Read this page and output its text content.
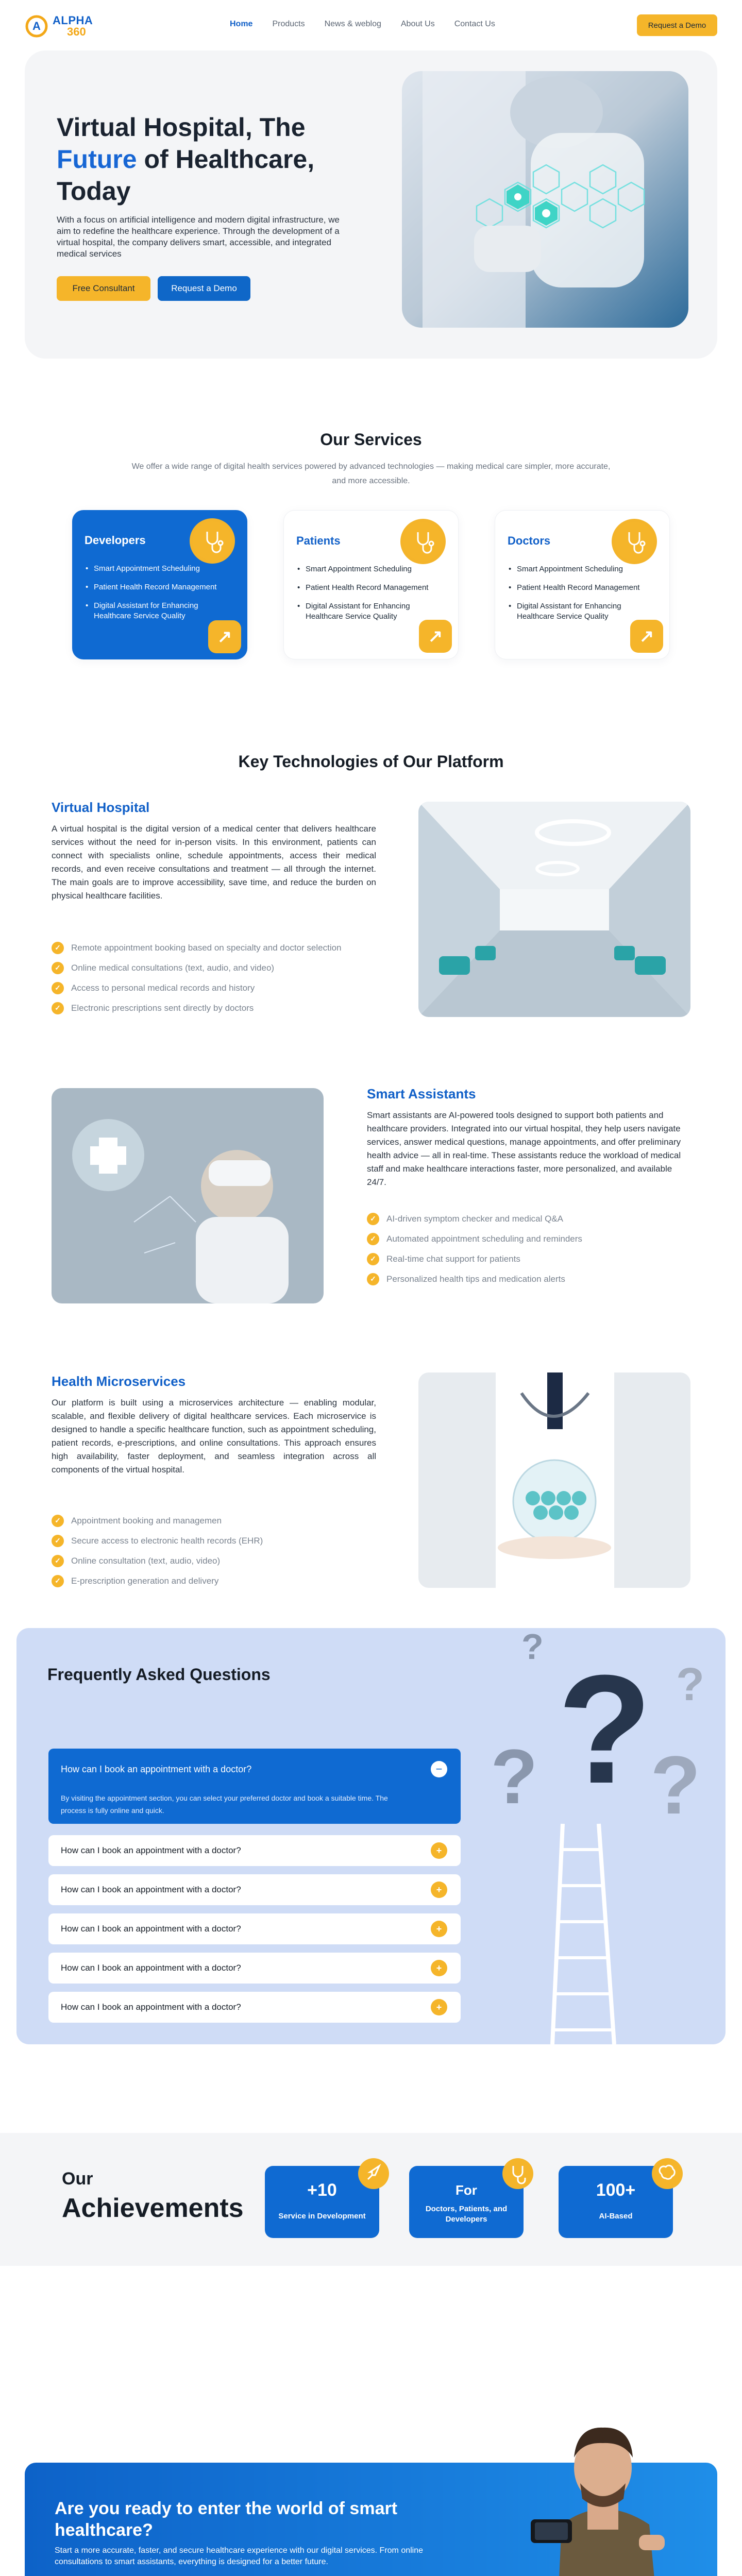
A ALPHA
360
Home Products News & weblog About Us Contact Us	Request a Demo
Virtual Hospital, The
Future of Healthcare,
Today

With a focus on artificial intelligence and modern digital infrastructure, we aim to redefine the healthcare experience. Through the development of a virtual hospital, the company delivers smart, accessible, and integrated medical services

Free Consultant	Request a Demo
Our Services

We offer a wide range of digital health services powered by advanced technologies — making medical care simpler, more accurate, and more accessible.

Developers
• Smart Appointment Scheduling
• Patient Health Record Management
• Digital Assistant for Enhancing Healthcare Service Quality
↗
Patients
• Smart Appointment Scheduling
• Patient Health Record Management
• Digital Assistant for Enhancing Healthcare Service Quality
↗
Doctors
• Smart Appointment Scheduling
• Patient Health Record Management
• Digital Assistant for Enhancing Healthcare Service Quality
↗
Key Technologies of Our Platform
Virtual Hospital

A virtual hospital is the digital version of a medical center that delivers healthcare services without the need for in-person visits. In this environment, patients can connect with specialists online, schedule appointments, access their medical records, and even receive consultations and treatment — all through the internet. The main goals are to improve accessibility, save time, and reduce the burden on physical healthcare facilities.

✓	Remote appointment booking based on specialty and doctor selection
✓	Online medical consultations (text, audio, and video)
✓	Access to personal medical records and history
✓	Electronic prescriptions sent directly by doctors
Smart Assistants

Smart assistants are AI-powered tools designed to support both patients and healthcare providers. Integrated into our virtual hospital, they help users navigate services, answer medical questions, manage appointments, and offer preliminary health advice — all in real-time. These assistants reduce the workload of medical staff and make healthcare interactions faster, more personalized, and available 24/7.

✓	AI-driven symptom checker and medical Q&A
✓	Automated appointment scheduling and reminders
✓	Real-time chat support for patients
✓	Personalized health tips and medication alerts
Health Microservices

Our platform is built using a microservices architecture — enabling modular, scalable, and flexible delivery of digital healthcare services. Each microservice is designed to handle a specific healthcare function, such as appointment scheduling, patient records, e-prescriptions, and online consultations. This approach ensures high availability, faster deployment, and seamless integration across all components of the virtual hospital.

✓	Appointment booking and managemen
✓	Secure access to electronic health records (EHR)
✓	Online consultation (text, audio, video)
✓	E-prescription generation and delivery
?
? ?
?
?
Frequently Asked Questions
How can I book an appointment with a doctor?
By visiting the appointment section, you can select your preferred doctor and book a suitable time. The process is fully online and quick.
−
How can I book an appointment with a doctor?	+
How can I book an appointment with a doctor?	+
How can I book an appointment with a doctor?	+
How can I book an appointment with a doctor?	+
How can I book an appointment with a doctor?	+
Our
Achievements
+10
Service in Development
For
Doctors, Patients, and Developers
100+
AI-Based
Are you ready to enter the world of smart healthcare?

Start a more accurate, faster, and secure healthcare experience with our digital services. From online consultations to smart assistants, everything is designed for a better future.
